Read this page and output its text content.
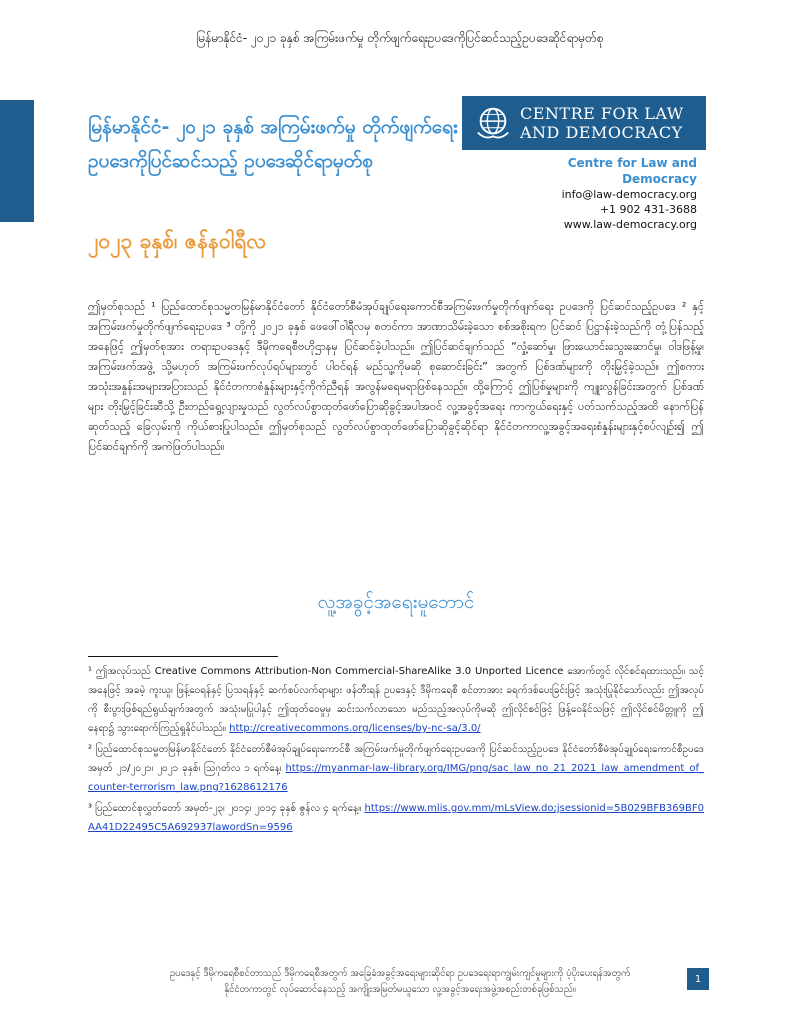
မြန်မာနိုင်ငံ- ၂၀၂၁ ခုနှစ် အကြမ်းဖက်မှု တိုက်ဖျက်ရေးဥပဒေကိုပြင်ဆင်သည့်ဥပဒေဆိုင်ရာမှတ်စု
မြန်မာနိုင်ငံ- ၂၀၂၁ ခုနှစ် အကြမ်းဖက်မှု တိုက်ဖျက်ရေးဥပဒေကိုပြင်ဆင်သည့် ဥပဒေဆိုင်ရာမှတ်စု
၂၀၂၃ ခုနှစ်၊ ဇန်နဝါရီလ
CENTRE FOR LAW
AND DEMOCRACY
Centre for Law and Democracy
info@law-democracy.org
+1 902 431-3688
www.law-democracy.org
ဤမှတ်စုသည် ¹ ပြည်ထောင်စုသမ္မတမြန်မာနိုင်ငံတော် နိုင်ငံတော်စီမံအုပ်ချုပ်ရေးကောင်စီအကြမ်းဖက်မှုတိုက်ဖျက်ရေး ဥပဒေကို ပြင်ဆင်သည့်ဥပဒေ ² နှင့် အကြမ်းဖက်မှုတိုက်ဖျက်ရေးဥပဒေ ³ တို့ကို ၂၀၂၁ ခုနှစ် ဖေဖေါ်ဝါရီလမှ စတင်ကာ အာဏာသိမ်းခဲ့သော စစ်အစိုးရက ပြင်ဆင် ပြဋ္ဌာန်းခဲ့သည်ကို တုံ့ပြန်သည့်အနေဖြင့် ဤမှတ်စုအား တရားဥပဒေနှင့် ဒီမိုကရေစီဗဟိုဌာနမှ ပြင်ဆင်ခဲ့ပါသည်။ ဤပြင်ဆင်ချက်သည် “လှုံ့ဆော်မှု၊ ဖြားယောင်းသွေးဆောင်မှု၊ ဝါဒဖြန့်မှု၊ အကြမ်းဖက်အဖွဲ့ သို့မဟုတ် အကြမ်းဖက်လုပ်ရပ်များတွင် ပါဝင်ရန် မည်သူ့ကိုမဆို စုဆောင်းခြင်း” အတွက် ပြစ်ဒဏ်များကို တိုးမြှင့်ခဲ့သည်။ ဤစကားအသုံးအနှုန်းအများအပြားသည် နိုင်ငံတကာစံနှုန်းများနှင့်ကိုက်ညီရန် အလွန်မရေမရာဖြစ်နေသည်။ ထို့ကြောင့် ဤပြစ်မှုများကို ကျူးလွန်ခြင်းအတွက် ပြစ်ဒဏ်များ တိုးမြှင့်ခြင်းဆီသို့ ဦးတည်ရွေ့လျားမှုသည် လွတ်လပ်စွာထုတ်ဖော်ပြောဆိုခွင့်အပါအဝင် လူ့အခွင့်အရေး ကာကွယ်ရေးနှင့် ပတ်သက်သည့်အထိ နောက်ပြန်ဆုတ်သည့် ခြေလှမ်းကို ကိုယ်စားပြုပါသည်။ ဤမှတ်စုသည် လွတ်လပ်စွာထုတ်ဖော်ပြောဆိုခွင့်ဆိုင်ရာ နိုင်ငံတကာလူ့အခွင့်အရေးစံနှုန်းများနှင့်စပ်လျဉ်း၍ ဤ ပြင်ဆင်ချက်ကို အကဲဖြတ်ပါသည်။
လူ့အခွင့်အရေးမူဘောင်

¹ ဤအလုပ်သည် Creative Commons Attribution-Non Commercial-ShareAlike 3.0 Unported Licence အောက်တွင် လိုင်စင်ရထားသည်။ သင့်အနေဖြင့် အခမဲ့ ကူးယူ၊ ဖြန့်ဝေရန်နှင့် ပြသရန်နှင့် ဆက်စပ်လက်ရာများ ဖန်တီးရန် ဥပဒေနှင့် ဒီမိုကရေစီ စင်တာအား ခရက်ဒစ်ပေးခြင်းဖြင့် အသုံးပြုနိုင်သော်လည်း ဤအလုပ်ကို စီးပွားဖြစ်ရည်ရွယ်ချက်အတွက် အသုံးမပြုပါနှင့် ဤထုတ်ဝေမှုမှ ဆင်းသက်လာသော မည်သည့်အလုပ်ကိုမဆို ဤလိုင်စင်ဖြင့် ဖြန့်ဝေနိုင်သဖြင့် ဤလိုင်စင်မိတ္တူကို ဤနေရာ၌ သွားရောက်ကြည့်ရှုနိုင်ပါသည်။ http://creativecommons.org/licenses/by-nc-sa/3.0/

² ပြည်ထောင်စုသမ္မတမြန်မာနိုင်ငံတော် နိုင်ငံတော်စီမံအုပ်ချုပ်ရေးကောင်စီ အကြမ်းဖက်မှုတိုက်ဖျက်ရေးဥပဒေကို ပြင်ဆင်သည့်ဥပဒေ နိုင်ငံတော်စီမံအုပ်ချုပ်ရေးကောင်စီဥပဒေအမှတ် ၂၁/၂၀၂၁၊ ၂၀၂၁ ခုနှစ်၊ ဩဂုတ်လ ၁ ရက်နေ့၊ https://myanmar-law-library.org/IMG/png/sac_law_no_21_2021_law_amendment_of_counter-terrorism_law.png?1628612176

³ ပြည်ထောင်စုလွှတ်တော် အမှတ်-၂၃၊ ၂၀၁၄၊ ၂၀၁၄ ခုနှစ် ဇွန်လ ၄ ရက်နေ့။ https://www.mlis.gov.mm/mLsView.do;jsessionid=5B029BFB369BF0AA41D22495C5A692937lawordSn=9596

ဥပဒေနှင့် ဒီမိုကရေစီစင်တာသည် ဒီမိုကရေစီအတွက် အခြေခံအခွင့်အရေးများဆိုင်ရာ ဥပဒေရေးရာကျွမ်းကျင်မှုများကို ပံ့ပိုးပေးရန်အတွက် နိုင်ငံတကာတွင် လုပ်ဆောင်နေသည့် အကျိုးအမြတ်မယူသော လူ့အခွင့်အရေးအဖွဲ့အစည်းတစ်ခုဖြစ်သည်။
1
